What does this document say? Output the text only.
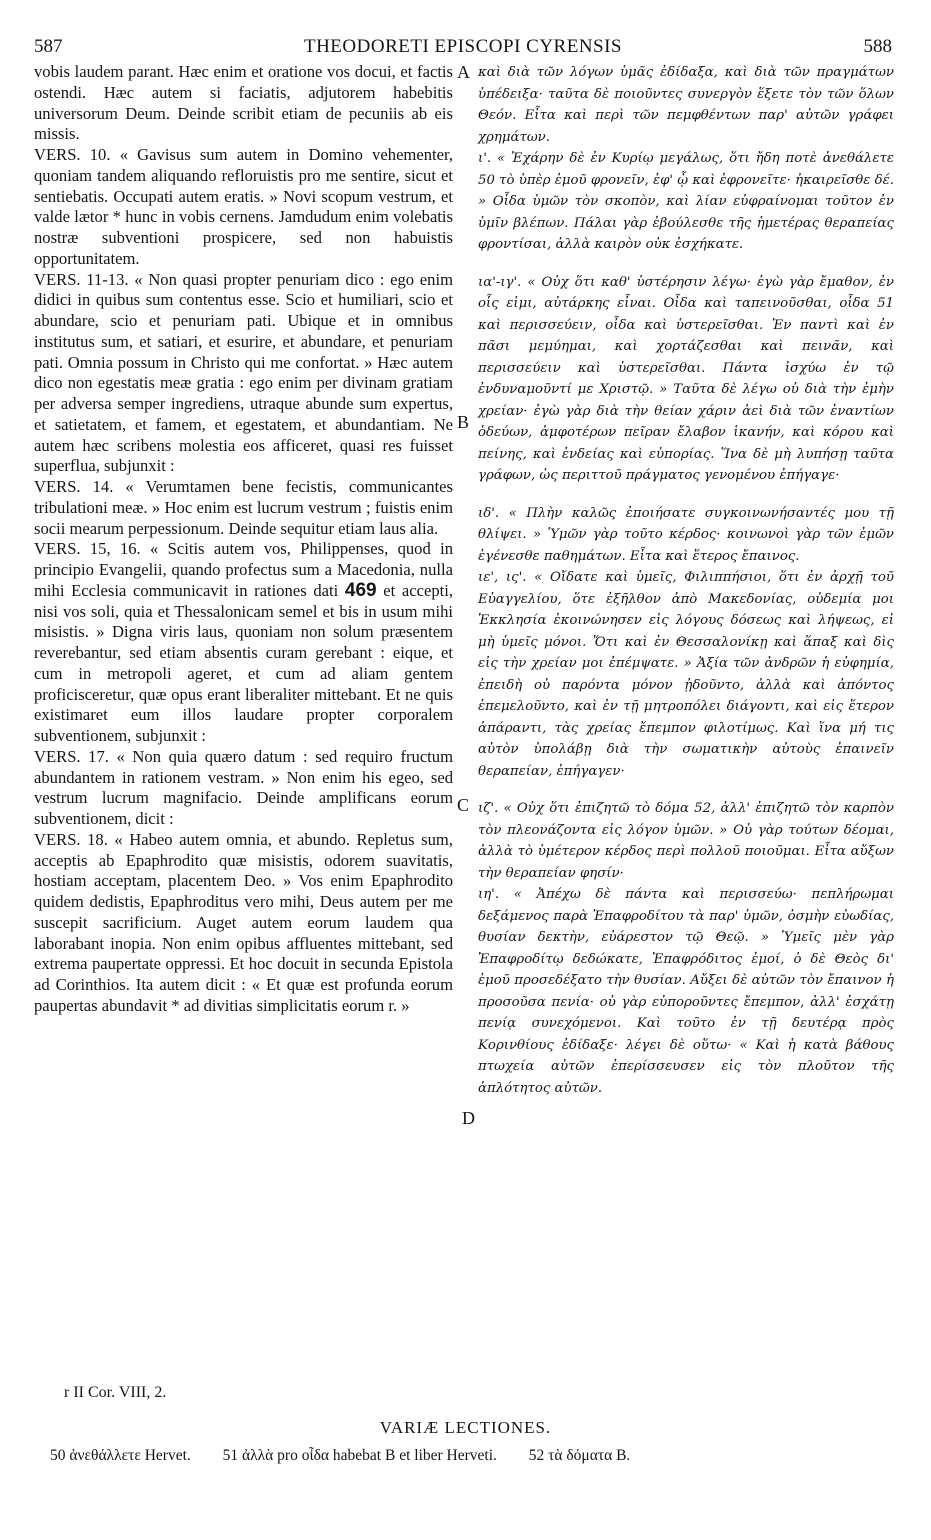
587	THEODORETI EPISCOPI CYRENSIS	588

vobis laudem parant. Hæc enim et oratione vos docui, et factis ostendi. Hæc autem si faciatis, adjutorem habebitis universorum Deum. Deinde scribit etiam de pecuniis ab eis missis.

VERS. 10. « Gavisus sum autem in Domino vehementer, quoniam tandem aliquando refloruistis pro me sentire, sicut et sentiebatis. Occupati autem eratis. » Novi scopum vestrum, et valde lætor * hunc in vobis cernens. Jamdudum enim volebatis nostræ subventioni prospicere, sed non habuistis opportunitatem.

VERS. 11-13. « Non quasi propter penuriam dico : ego enim didici in quibus sum contentus esse. Scio et humiliari, scio et abundare, scio et penuriam pati. Ubique et in omnibus institutus sum, et satiari, et esurire, et abundare, et penuriam pati. Omnia possum in Christo qui me confortat. » Hæc autem dico non egestatis meæ gratia : ego enim per divinam gratiam per adversa semper ingrediens, utraque abunde sum expertus, et satietatem, et famem, et egestatem, et abundantiam. Ne autem hæc scribens molestia eos afficeret, quasi res fuisset superflua, subjunxit :

VERS. 14. « Verumtamen bene fecistis, communicantes tribulationi meæ. » Hoc enim est lucrum vestrum ; fuistis enim socii mearum perpessionum. Deinde sequitur etiam laus alia.

VERS. 15, 16. « Scitis autem vos, Philippenses, quod in principio Evangelii, quando profectus sum a Macedonia, nulla mihi Ecclesia communicavit in rationes dati 469 et accepti, nisi vos soli, quia et Thessalonicam semel et bis in usum mihi misistis. » Digna viris laus, quoniam non solum præsentem reverebantur, sed etiam absentis curam gerebant : eique, et cum in metropoli ageret, et cum ad aliam gentem proficisceretur, quæ opus erant liberaliter mittebant. Et ne quis existimaret eum illos laudare propter corporalem subventionem, subjunxit :

VERS. 17. « Non quia quæro datum : sed requiro fructum abundantem in rationem vestram. » Non enim his egeo, sed vestrum lucrum magnifacio. Deinde amplificans eorum subventionem, dicit :

VERS. 18. « Habeo autem omnia, et abundo. Repletus sum, acceptis ab Epaphrodito quæ misistis, odorem suavitatis, hostiam acceptam, placentem Deo. » Vos enim Epaphrodito quidem dedistis, Epaphroditus vero mihi, Deus autem per me suscepit sacrificium. Auget autem eorum laudem qua laborabant inopia. Non enim opibus affluentes mittebant, sed extrema paupertate oppressi. Et hoc docuit in secunda Epistola ad Corinthios. Ita autem dicit : « Et quæ est profunda eorum paupertas abundavit * ad divitias simplicitatis eorum r. »

A
B
C
D

καὶ διὰ τῶν λόγων ὑμᾶς ἐδίδαξα, καὶ διὰ τῶν πραγμάτων ὑπέδειξα· ταῦτα δὲ ποιοῦντες συνεργὸν ἕξετε τὸν τῶν ὅλων Θεόν. Εἶτα καὶ περὶ τῶν πεμφθέντων παρ' αὐτῶν γράφει χρημάτων.

ι'. « Ἐχάρην δὲ ἐν Κυρίῳ μεγάλως, ὅτι ἤδη ποτὲ ἀνεθάλετε 50 τὸ ὑπὲρ ἐμοῦ φρονεῖν, ἐφ' ᾧ καὶ ἐφρονεῖτε· ἠκαιρεῖσθε δέ. » Οἶδα ὑμῶν τὸν σκοπὸν, καὶ λίαν εὐφραίνομαι τοῦτον ἐν ὑμῖν βλέπων. Πάλαι γὰρ ἐβούλεσθε τῆς ἡμετέρας θεραπείας φροντίσαι, ἀλλὰ καιρὸν οὐκ ἐσχήκατε.

ια'-ιγ'. « Οὐχ ὅτι καθ' ὑστέρησιν λέγω· ἐγὼ γὰρ ἔμαθον, ἐν οἷς εἰμι, αὐτάρκης εἶναι. Οἶδα καὶ ταπεινοῦσθαι, οἶδα 51 καὶ περισσεύειν, οἶδα καὶ ὑστερεῖσθαι. Ἐν παντὶ καὶ ἐν πᾶσι μεμύημαι, καὶ χορτάζεσθαι καὶ πεινᾶν, καὶ περισσεύειν καὶ ὑστερεῖσθαι. Πάντα ἰσχύω ἐν τῷ ἐνδυναμοῦντί με Χριστῷ. » Ταῦτα δὲ λέγω οὐ διὰ τὴν ἐμὴν χρείαν· ἐγὼ γὰρ διὰ τὴν θείαν χάριν ἀεὶ διὰ τῶν ἐναντίων ὁδεύων, ἀμφοτέρων πεῖραν ἔλαβον ἱκανήν, καὶ κόρου καὶ πείνης, καὶ ἐνδείας καὶ εὐπορίας. Ἵνα δὲ μὴ λυπήσῃ ταῦτα γράφων, ὡς περιττοῦ πράγματος γενομένου ἐπήγαγε·

ιδ'. « Πλὴν καλῶς ἐποιήσατε συγκοινωνήσαντές μου τῇ θλίψει. » Ὑμῶν γὰρ τοῦτο κέρδος· κοινωνοὶ γὰρ τῶν ἐμῶν ἐγένεσθε παθημάτων. Εἶτα καὶ ἕτερος ἔπαινος.

ιε', ις'. « Οἴδατε καὶ ὑμεῖς, Φιλιππήσιοι, ὅτι ἐν ἀρχῇ τοῦ Εὐαγγελίου, ὅτε ἐξῆλθον ἀπὸ Μακεδονίας, οὐδεμία μοι Ἐκκλησία ἐκοινώνησεν εἰς λόγους δόσεως καὶ λήψεως, εἰ μὴ ὑμεῖς μόνοι. Ὅτι καὶ ἐν Θεσσαλονίκῃ καὶ ἅπαξ καὶ δὶς εἰς τὴν χρείαν μοι ἐπέμψατε. » Ἀξία τῶν ἀνδρῶν ἡ εὐφημία, ἐπειδὴ οὐ παρόντα μόνον ᾐδοῦντο, ἀλλὰ καὶ ἀπόντος ἐπεμελοῦντο, καὶ ἐν τῇ μητροπόλει διάγοντι, καὶ εἰς ἕτερον ἀπάραντι, τὰς χρείας ἔπεμπον φιλοτίμως. Καὶ ἵνα μή τις αὐτὸν ὑπολάβῃ διὰ τὴν σωματικὴν αὐτοὺς ἐπαινεῖν θεραπείαν, ἐπήγαγεν·

ιζ'. « Οὐχ ὅτι ἐπιζητῶ τὸ δόμα 52, ἀλλ' ἐπιζητῶ τὸν καρπὸν τὸν πλεονάζοντα εἰς λόγον ὑμῶν. » Οὐ γὰρ τούτων δέομαι, ἀλλὰ τὸ ὑμέτερον κέρδος περὶ πολλοῦ ποιοῦμαι. Εἶτα αὔξων τὴν θεραπείαν φησίν·

ιη'. « Ἀπέχω δὲ πάντα καὶ περισσεύω· πεπλήρωμαι δεξάμενος παρὰ Ἐπαφροδίτου τὰ παρ' ὑμῶν, ὀσμὴν εὐωδίας, θυσίαν δεκτὴν, εὐάρεστον τῷ Θεῷ. » Ὑμεῖς μὲν γὰρ Ἐπαφροδίτῳ δεδώκατε, Ἐπαφρόδιτος ἐμοί, ὁ δὲ Θεὸς δι' ἐμοῦ προσεδέξατο τὴν θυσίαν. Αὔξει δὲ αὐτῶν τὸν ἔπαινον ἡ προσοῦσα πενία· οὐ γὰρ εὐποροῦντες ἔπεμπον, ἀλλ' ἐσχάτῃ πενίᾳ συνεχόμενοι. Καὶ τοῦτο ἐν τῇ δευτέρᾳ πρὸς Κορινθίους ἐδίδαξε· λέγει δὲ οὕτω· « Καὶ ἡ κατὰ βάθους πτωχεία αὐτῶν ἐπερίσσευσεν εἰς τὸν πλοῦτον τῆς ἁπλότητος αὐτῶν.

r II Cor. VIII, 2.
VARIÆ LECTIONES.
50 ἀνεθάλλετε Hervet. 51 ἀλλὰ pro οἶδα habebat B et liber Herveti. 52 τὰ δόματα B.
